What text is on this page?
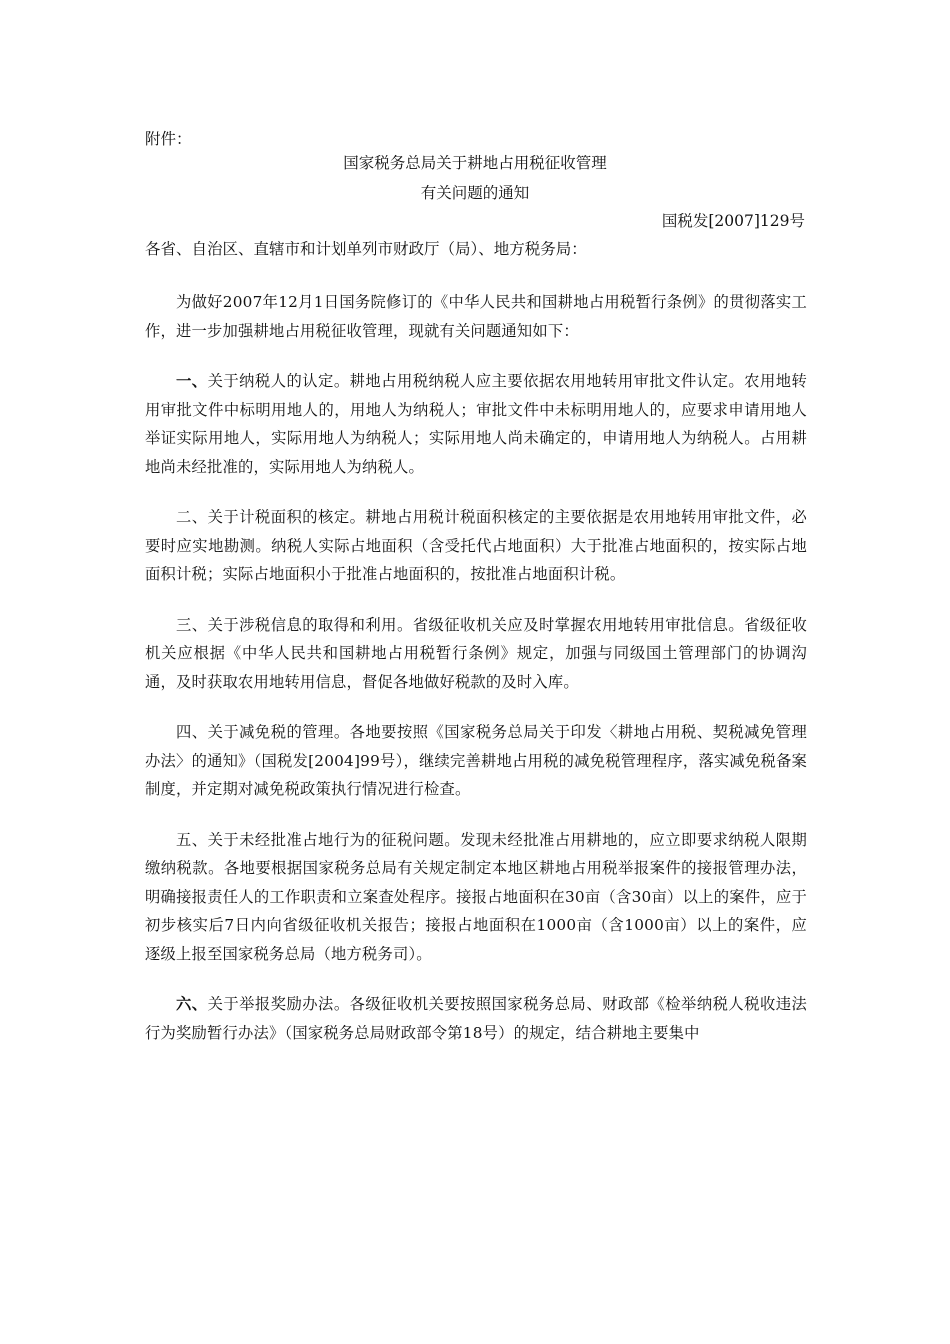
附件：
国家税务总局关于耕地占用税征收管理
有关问题的通知
国税发[2007]129号
各省、自治区、直辖市和计划单列市财政厅（局）、地方税务局：

为做好2007年12月1日国务院修订的《中华人民共和国耕地占用税暂行条例》的贯彻落实工作，进一步加强耕地占用税征收管理，现就有关问题通知如下：

一、关于纳税人的认定。耕地占用税纳税人应主要依据农用地转用审批文件认定。农用地转用审批文件中标明用地人的，用地人为纳税人；审批文件中未标明用地人的，应要求申请用地人举证实际用地人，实际用地人为纳税人；实际用地人尚未确定的，申请用地人为纳税人。占用耕地尚未经批准的，实际用地人为纳税人。

二、关于计税面积的核定。耕地占用税计税面积核定的主要依据是农用地转用审批文件，必要时应实地勘测。纳税人实际占地面积（含受托代占地面积）大于批准占地面积的，按实际占地面积计税；实际占地面积小于批准占地面积的，按批准占地面积计税。

三、关于涉税信息的取得和利用。省级征收机关应及时掌握农用地转用审批信息。省级征收机关应根据《中华人民共和国耕地占用税暂行条例》规定，加强与同级国土管理部门的协调沟通，及时获取农用地转用信息，督促各地做好税款的及时入库。

四、关于减免税的管理。各地要按照《国家税务总局关于印发〈耕地占用税、契税减免管理办法〉的通知》（国税发[2004]99号），继续完善耕地占用税的减免税管理程序，落实减免税备案制度，并定期对减免税政策执行情况进行检查。

五、关于未经批准占地行为的征税问题。发现未经批准占用耕地的，应立即要求纳税人限期缴纳税款。各地要根据国家税务总局有关规定制定本地区耕地占用税举报案件的接报管理办法，明确接报责任人的工作职责和立案查处程序。接报占地面积在30亩（含30亩）以上的案件，应于初步核实后7日内向省级征收机关报告；接报占地面积在1000亩（含1000亩）以上的案件，应逐级上报至国家税务总局（地方税务司）。

六、关于举报奖励办法。各级征收机关要按照国家税务总局、财政部《检举纳税人税收违法行为奖励暂行办法》（国家税务总局财政部令第18号）的规定，结合耕地主要集中
